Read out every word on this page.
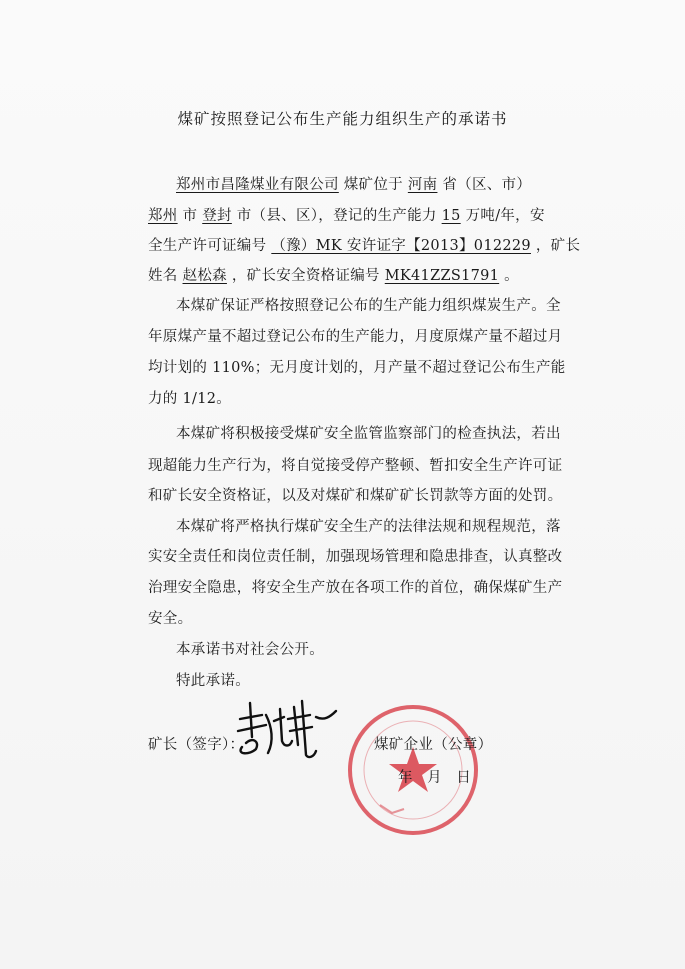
煤矿按照登记公布生产能力组织生产的承诺书
郑州市昌隆煤业有限公司 煤矿位于 河南 省（区、市）
郑州 市 登封 市（县、区），登记的生产能力 15 万吨/年，安
全生产许可证编号 （豫）MK 安许证字【2013】012229 ，矿长
姓名 赵松森 ，矿长安全资格证编号 MK41ZZS1791 。
本煤矿保证严格按照登记公布的生产能力组织煤炭生产。全
年原煤产量不超过登记公布的生产能力，月度原煤产量不超过月
均计划的 110%；无月度计划的，月产量不超过登记公布生产能
力的 1/12。
本煤矿将积极接受煤矿安全监管监察部门的检查执法，若出
现超能力生产行为，将自觉接受停产整顿、暂扣安全生产许可证
和矿长安全资格证，以及对煤矿和煤矿矿长罚款等方面的处罚。
本煤矿将严格执行煤矿安全生产的法律法规和规程规范，落
实安全责任和岗位责任制，加强现场管理和隐患排查，认真整改
治理安全隐患，将安全生产放在各项工作的首位，确保煤矿生产
安全。
本承诺书对社会公开。
特此承诺。
矿长（签字）：	煤矿企业（公章）
年 月 日
